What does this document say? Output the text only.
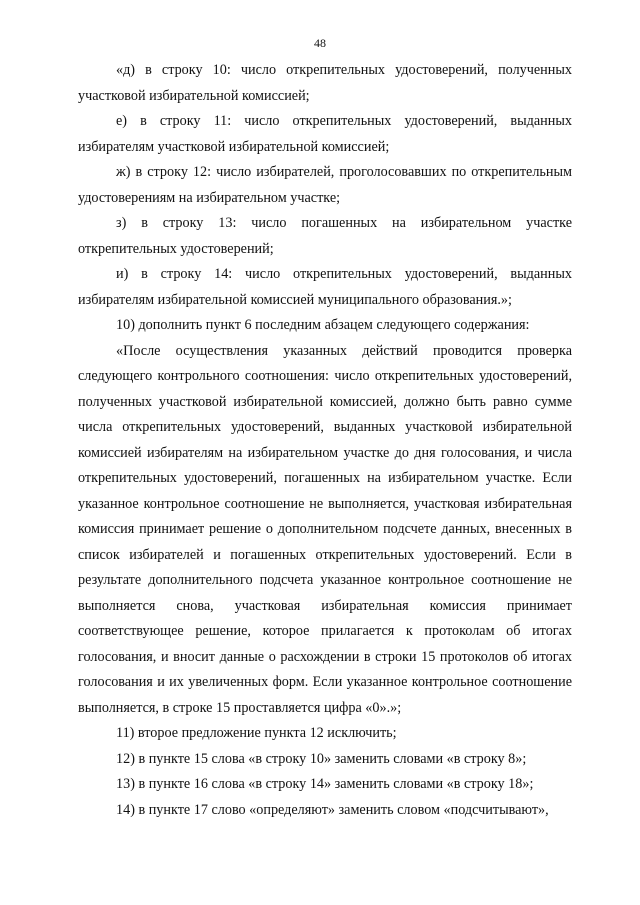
48

«д) в строку 10: число открепительных удостоверений, полученных участковой избирательной комиссией;

е) в строку 11: число открепительных удостоверений, выданных избирателям участковой избирательной комиссией;

ж) в строку 12: число избирателей, проголосовавших по открепительным удостоверениям на избирательном участке;

з) в строку 13: число погашенных на избирательном участке открепительных удостоверений;

и) в строку 14: число открепительных удостоверений, выданных избирателям избирательной комиссией муниципального образования.»;

10) дополнить пункт 6 последним абзацем следующего содержания:

«После осуществления указанных действий проводится проверка следующего контрольного соотношения: число открепительных удостоверений, полученных участковой избирательной комиссией, должно быть равно сумме числа открепительных удостоверений, выданных участковой избирательной комиссией избирателям на избирательном участке до дня голосования, и числа открепительных удостоверений, погашенных на избирательном участке. Если указанное контрольное соотношение не выполняется, участковая избирательная комиссия принимает решение о дополнительном подсчете данных, внесенных в список избирателей и погашенных открепительных удостоверений. Если в результате дополнительного подсчета указанное контрольное соотношение не выполняется снова, участковая избирательная комиссия принимает соответствующее решение, которое прилагается к протоколам об итогах голосования, и вносит данные о расхождении в строки 15 протоколов об итогах голосования и их увеличенных форм. Если указанное контрольное соотношение выполняется, в строке 15 проставляется цифра «0».»;

11) второе предложение пункта 12 исключить;

12) в пункте 15 слова «в строку 10» заменить словами «в строку 8»;

13) в пункте 16 слова «в строку 14» заменить словами «в строку 18»;

14) в пункте 17 слово «определяют» заменить словом «подсчитывают»,
